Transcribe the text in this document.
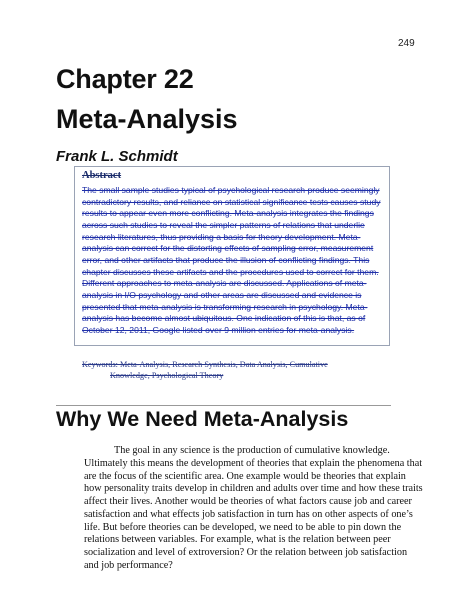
249
Chapter 22
Meta-Analysis
Frank L. Schmidt
Abstract
The small sample studies typical of psychological research produce seemingly
contradictory results, and reliance on statistical significance tests causes study
results to appear even more conflicting. Meta-analysis integrates the findings
across such studies to reveal the simpler patterns of relations that underlie
research literatures, thus providing a basis for theory development. Meta-
analysis can correct for the distorting effects of sampling error, measurement
error, and other artifacts that produce the illusion of conflicting findings. This
chapter discusses these artifacts and the procedures used to correct for them.
Different approaches to meta-analysis are discussed. Applications of meta-
analysis in I/O psychology and other areas are discussed and evidence is
presented that meta-analysis is transforming research in psychology. Meta-
analysis has become almost ubiquitous. One indication of this is that, as of
October 12, 2011, Google listed over 9 million entries for meta-analysis.
Keywords: Meta-Analysis, Research Synthesis, Data Analysis, Cumulative
Knowledge, Psychological Theory
Why We Need Meta-Analysis
The goal in any science is the production of cumulative knowledge.
Ultimately this means the development of theories that explain the phenomena that
are the focus of the scientific area. One example would be theories that explain
how personality traits develop in children and adults over time and how these traits
affect their lives. Another would be theories of what factors cause job and career
satisfaction and what effects job satisfaction in turn has on other aspects of one’s
life. But before theories can be developed, we need to be able to pin down the
relations between variables. For example, what is the relation between peer
socialization and level of extroversion? Or the relation between job satisfaction
and job performance?
